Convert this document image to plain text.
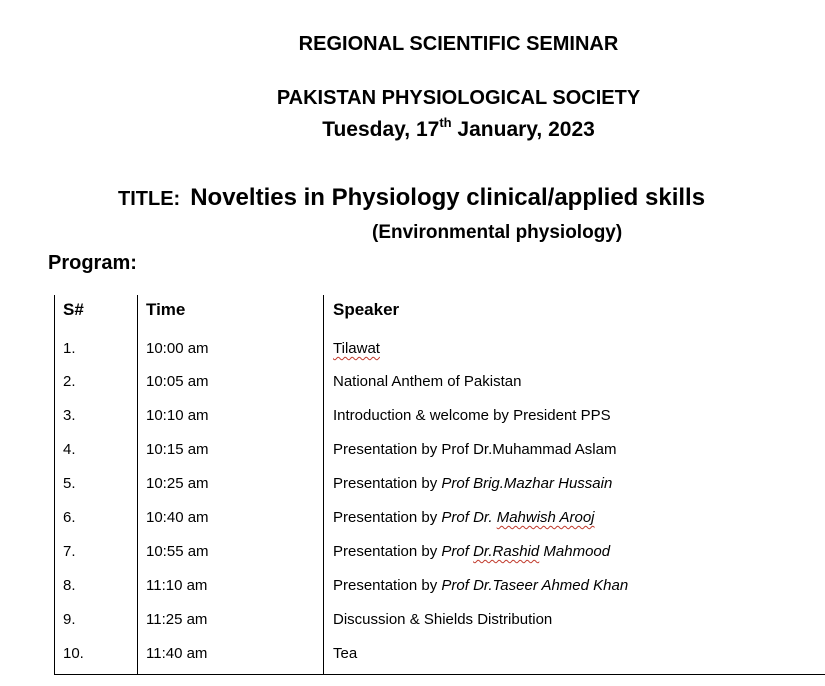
REGIONAL SCIENTIFIC SEMINAR
PAKISTAN PHYSIOLOGICAL SOCIETY
Tuesday, 17th January, 2023
TITLE: Novelties in Physiology clinical/applied skills
(Environmental physiology)
Program:
S#	Time	Speaker
1.	10:00 am	Tilawat
2.	10:05 am	National Anthem of Pakistan
3.	10:10 am	Introduction & welcome by President PPS
4.	10:15 am	Presentation by Prof Dr.Muhammad Aslam
5.	10:25 am	Presentation by Prof Brig.Mazhar Hussain
6.	10:40 am	Presentation by Prof Dr. Mahwish Arooj
7.	10:55 am	Presentation by Prof Dr.Rashid Mahmood
8.	11:10 am	Presentation by Prof Dr.Taseer Ahmed Khan
9.	11:25 am	Discussion & Shields Distribution
10.	11:40 am	Tea
